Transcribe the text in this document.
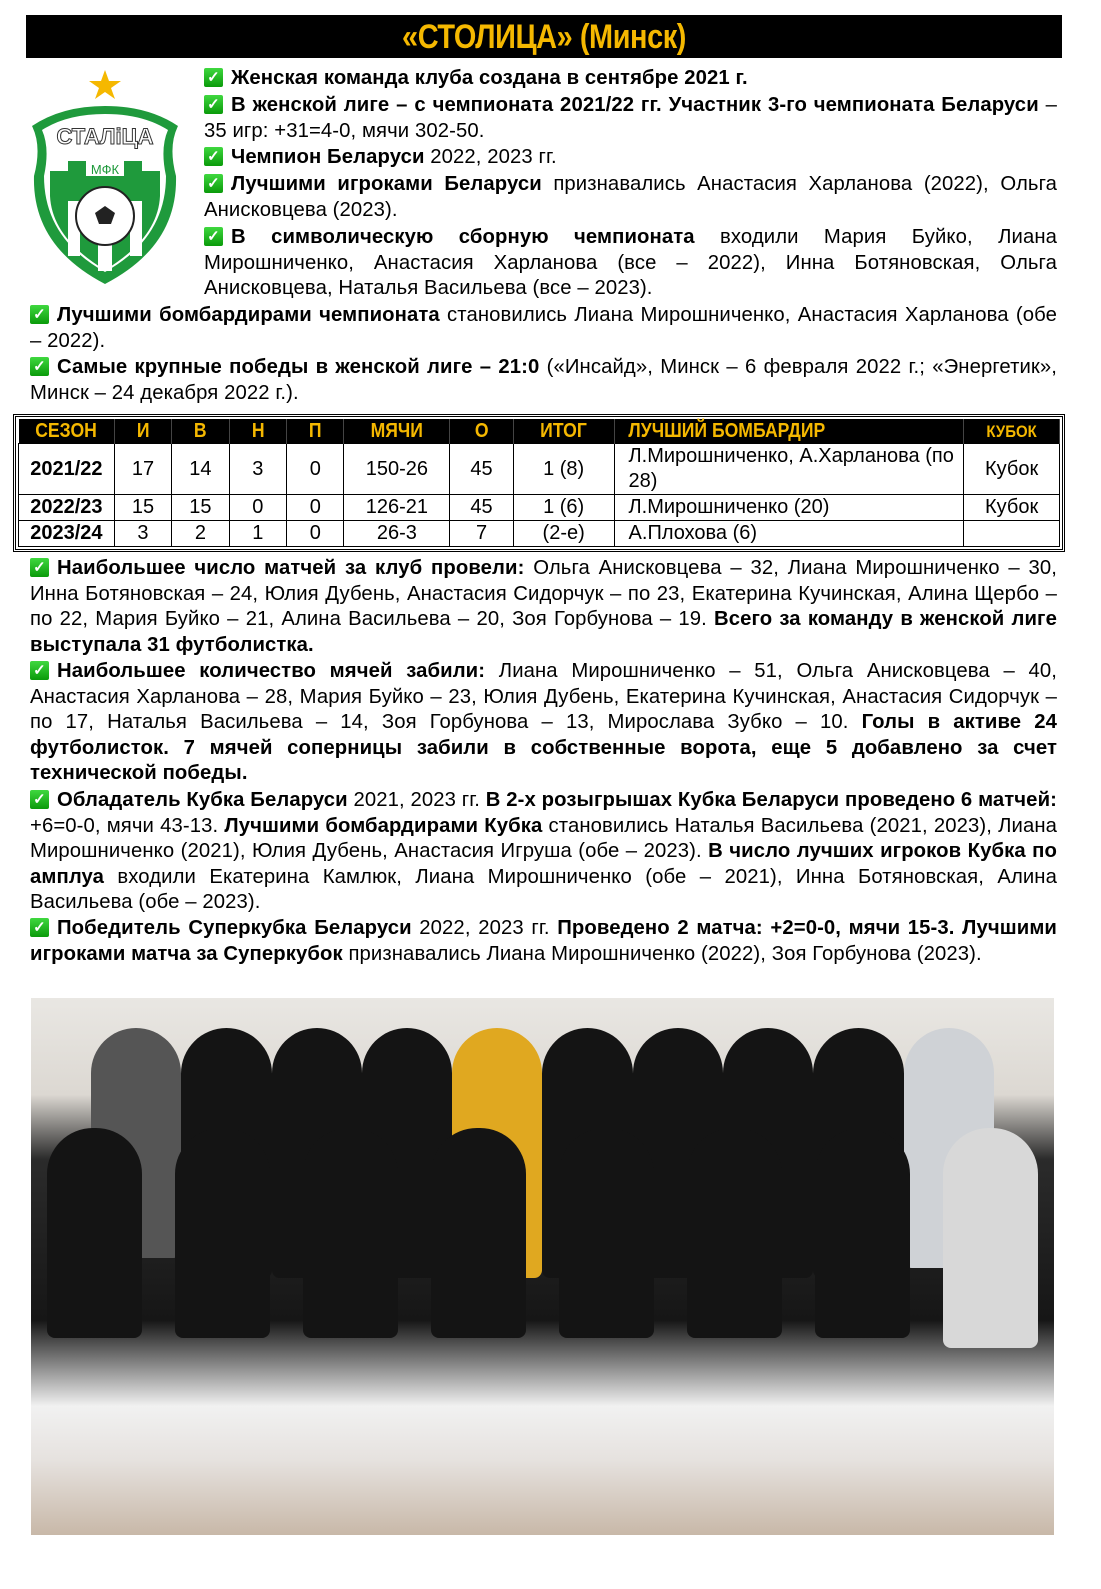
«СТОЛИЦА» (Минск)
СТАЛіЦА
МФК
✓ Женская команда клуба создана в сентябре 2021 г.
✓ В женской лиге – с чемпионата 2021/22 гг. Участник 3-го чемпионата Беларуси – 35 игр: +31=4-0, мячи 302-50.
✓ Чемпион Беларуси 2022, 2023 гг.
✓ Лучшими игроками Беларуси признавались Анастасия Харланова (2022), Ольга Анисковцева (2023).
✓ В символическую сборную чемпионата входили Мария Буйко, Лиана Мирошниченко, Анастасия Харланова (все – 2022), Инна Ботяновская, Ольга Анисковцева, Наталья Васильева (все – 2023).
✓ Лучшими бомбардирами чемпионата становились Лиана Мирошниченко, Анастасия Харланова (обе – 2022).
✓ Самые крупные победы в женской лиге – 21:0 («Инсайд», Минск – 6 февраля 2022 г.; «Энергетик», Минск – 24 декабря 2022 г.).
✓ Наибольшее число матчей за клуб провели: Ольга Анисковцева – 32, Лиана Мирошниченко – 30, Инна Ботяновская – 24, Юлия Дубень, Анастасия Сидорчук – по 23, Екатерина Кучинская, Алина Щербо – по 22, Мария Буйко – 21, Алина Васильева – 20, Зоя Горбунова – 19. Всего за команду в женской лиге выступала 31 футболистка.
✓ Наибольшее количество мячей забили: Лиана Мирошниченко – 51, Ольга Анисковцева – 40, Анастасия Харланова – 28, Мария Буйко – 23, Юлия Дубень, Екатерина Кучинская, Анастасия Сидорчук – по 17, Наталья Васильева – 14, Зоя Горбунова – 13, Мирослава Зубко – 10. Голы в активе 24 футболисток. 7 мячей соперницы забили в собственные ворота, еще 5 добавлено за счет технической победы.
✓ Обладатель Кубка Беларуси 2021, 2023 гг. В 2-х розыгрышах Кубка Беларуси проведено 6 матчей: +6=0-0, мячи 43-13. Лучшими бомбардирами Кубка становились Наталья Васильева (2021, 2023), Лиана Мирошниченко (2021), Юлия Дубень, Анастасия Игруша (обе – 2023). В число лучших игроков Кубка по амплуа входили Екатерина Камлюк, Лиана Мирошниченко (обе – 2021), Инна Ботяновская, Алина Васильева (обе – 2023).
✓ Победитель Суперкубка Беларуси 2022, 2023 гг. Проведено 2 матча: +2=0-0, мячи 15-3. Лучшими игроками матча за Суперкубок признавались Лиана Мирошниченко (2022), Зоя Горбунова (2023).
СЕЗОН	И	В	Н	П	МЯЧИ	О	ИТОГ	ЛУЧШИЙ БОМБАРДИР	КУБОК
2021/22	17	14	3	0	150-26	45	1 (8)	Л.Мирошниченко, А.Харланова (по 28)	Кубок
2022/23	15	15	0	0	126-21	45	1 (6)	Л.Мирошниченко (20)	Кубок
2023/24	3	2	1	0	26-3	7	(2-е)	А.Плохова (6)	
